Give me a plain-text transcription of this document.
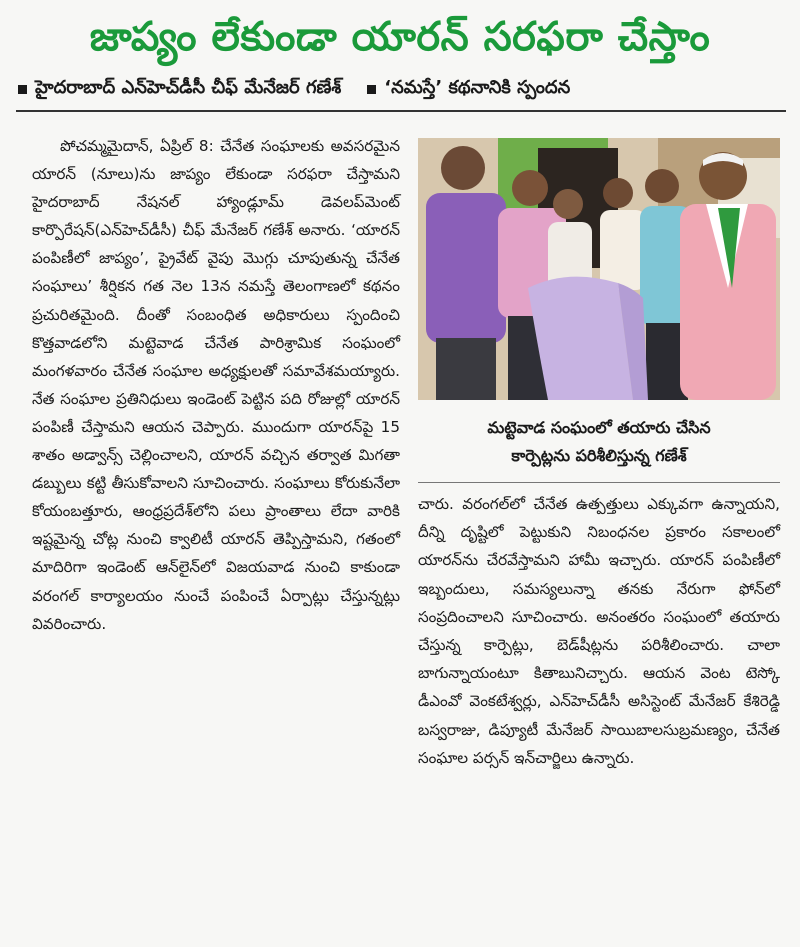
జాప్యం లేకుండా యారన్ సరఫరా చేస్తాం
హైదరాబాద్ ఎన్‌హెచ్‌డీసీ చీఫ్ మేనేజర్ గణేశ్ ‘నమస్తే’ కథనానికి స్పందన

పోచమ్మమైదాన్, ఏప్రిల్ 8: చేనేత సంఘాలకు అవసరమైన యారన్ (నూలు)ను జాప్యం లేకుండా సరఫరా చేస్తామని హైదరాబాద్ నేషనల్ హ్యాండ్లూమ్ డెవలప్‌మెంట్ కార్పొరేషన్(ఎన్‌హెచ్‌డీసీ) చీఫ్ మేనేజర్ గణేశ్ అనారు. ‘యారన్ పంపిణీలో జాప్యం’, ప్రైవేట్ వైపు మొగ్గు చూపుతున్న చేనేత సంఘాలు’ శీర్షికన గత నెల 13న నమస్తే తెలంగాణలో కథనం ప్రచురితమైంది. దీంతో సంబంధిత అధికారులు స్పందించి కొత్తవాడలోని మట్టెవాడ చేనేత పారిశ్రామిక సంఘంలో మంగళవారం చేనేత సంఘాల అధ్యక్షులతో సమావేశమయ్యారు. నేత సంఘాల ప్రతినిధులు ఇండెంట్ పెట్టిన పది రోజుల్లో యారన్ పంపిణీ చేస్తామని ఆయన చెప్పారు. ముందుగా యారన్‌పై 15 శాతం అడ్వాన్స్ చెల్లించాలని, యారన్ వచ్చిన తర్వాత మిగతా డబ్బులు కట్టి తీసుకోవాలని సూచించారు. సంఘాలు కోరుకునేలా కోయంబత్తూరు, ఆంధ్రప్రదేశ్‌లోని పలు ప్రాంతాలు లేదా వారికి ఇష్టమైన్న చోట్ల నుంచి క్వాలిటీ యారన్ తెప్పిస్తామని, గతంలో మాదిరిగా ఇండెంట్ ఆన్‌లైన్‌లో విజయవాడ నుంచి కాకుండా వరంగల్ కార్యాలయం నుంచే పంపించే ఏర్పాట్లు చేస్తున్నట్లు వివరించారు.

మట్టెవాడ సంఘంలో తయారు చేసిన
కార్పెట్లను పరిశీలిస్తున్న గణేశ్

చారు. వరంగల్‌లో చేనేత ఉత్పత్తులు ఎక్కువగా ఉన్నాయని, దీన్ని దృష్టిలో పెట్టుకుని నిబంధనల ప్రకారం సకాలంలో యారన్‌ను చేరవేస్తామని హామీ ఇచ్చారు. యారన్ పంపిణీలో ఇబ్బందులు, సమస్యలున్నా తనకు నేరుగా ఫోన్‌లో సంప్రదించాలని సూచించారు. అనంతరం సంఘంలో తయారు చేస్తున్న కార్పెట్లు, బెడ్‌షీట్లను పరిశీలించారు. చాలా బాగున్నాయంటూ కితాబునిచ్చారు. ఆయన వెంట టెస్కో డీఎంవో వెంకటేశ్వర్లు, ఎన్‌హెచ్‌డీసీ అసిస్టెంట్ మేనేజర్ కేశిరెడ్డి బస్వరాజు, డిప్యూటీ మేనేజర్ సాయిబాలసుబ్రమణ్యం, చేనేత సంఘాల పర్సన్ ఇన్‌చార్జిలు ఉన్నారు.
